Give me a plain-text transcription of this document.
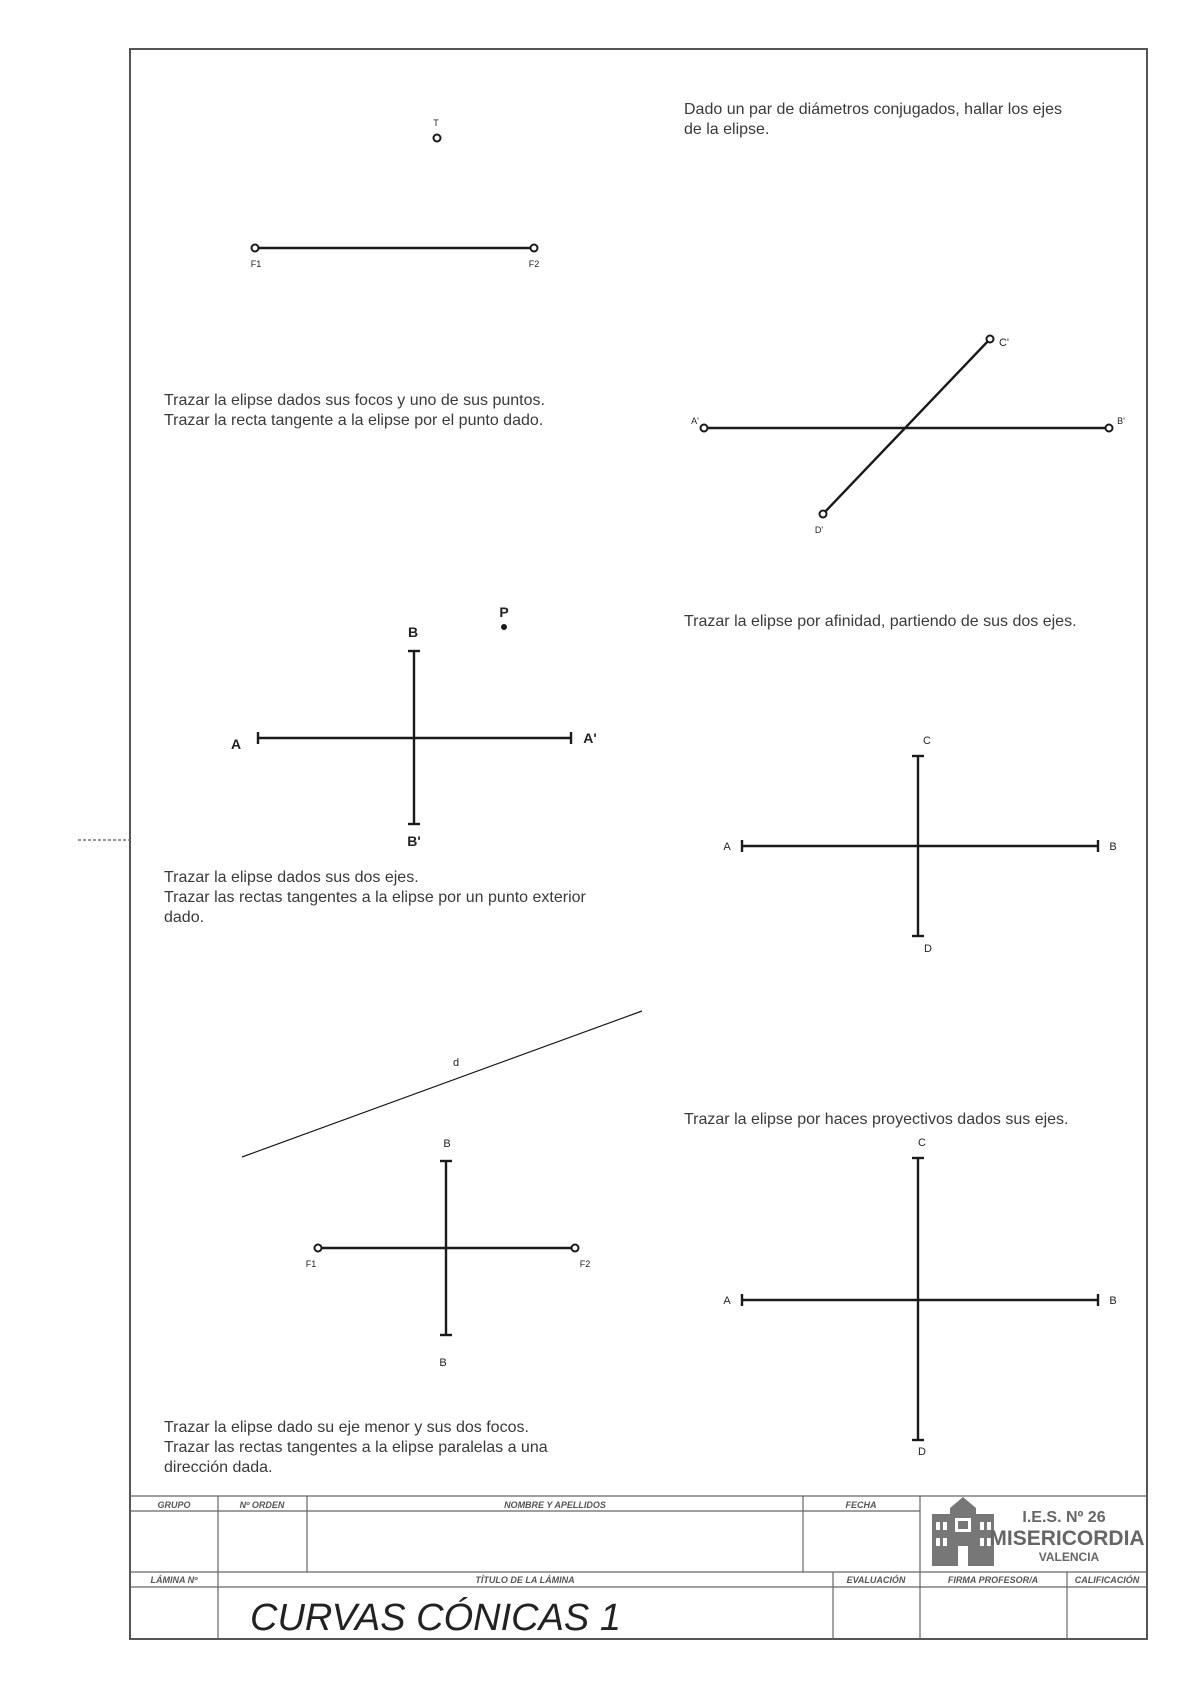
T
F1	F2
Trazar la elipse dados sus focos y uno de sus puntos.
Trazar la recta tangente a la elipse por el punto dado.
Dado un par de diámetros conjugados, hallar los ejes
de la elipse.
A'	B'
C'
D'
A	A'
B
B'
P
Trazar la elipse dados sus dos ejes.
Trazar las rectas tangentes a la elipse por un punto exterior
dado.
Trazar la elipse por afinidad, partiendo de sus dos ejes.
A	B
C
D
d
F1	F2
B
B
Trazar la elipse dado su eje menor y sus dos focos.
Trazar las rectas tangentes a la elipse paralelas a una
dirección dada.
Trazar la elipse por haces proyectivos dados sus ejes.
A	B
C
D
GRUPO	Nº ORDEN	NOMBRE Y APELLIDOS	FECHA
LÁMINA Nº	TÍTULO DE LA LÁMINA	EVALUACIÓN	FIRMA PROFESOR/A	CALIFICACIÓN
CURVAS CÓNICAS 1
I.E.S. Nº 26
MISERICORDIA
VALENCIA
